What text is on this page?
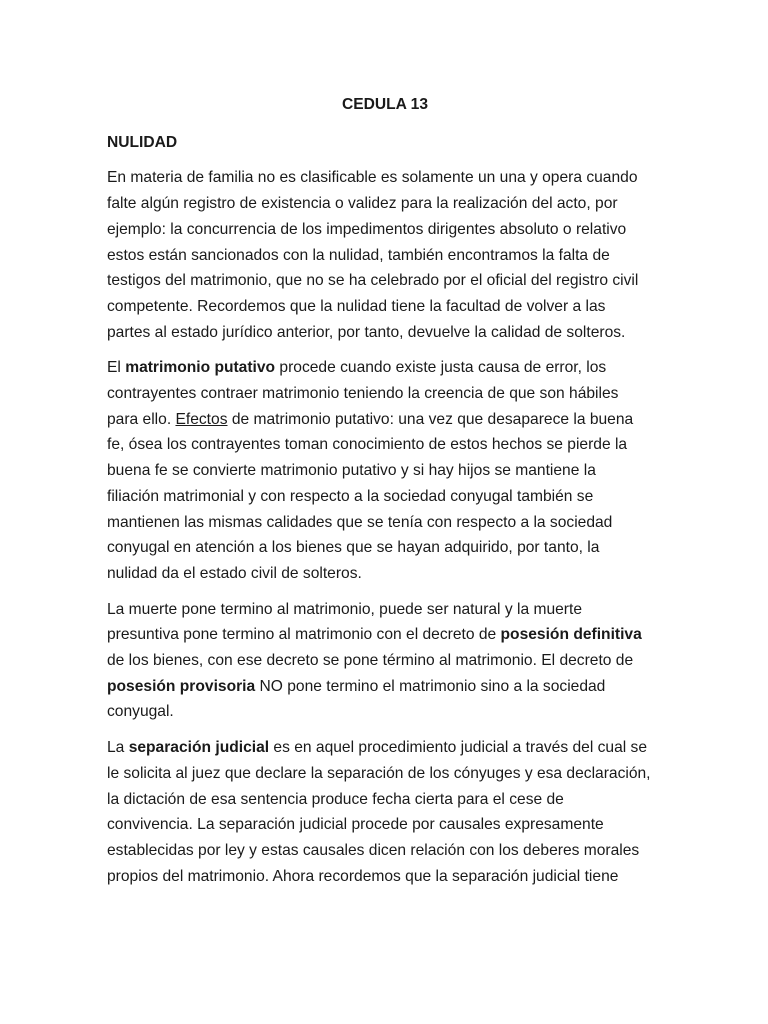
CEDULA 13
NULIDAD

En materia de familia no es clasificable es solamente un una y opera cuando
falte algún registro de existencia o validez para la realización del acto, por
ejemplo: la concurrencia de los impedimentos dirigentes absoluto o relativo
estos están sancionados con la nulidad, también encontramos la falta de
testigos del matrimonio, que no se ha celebrado por el oficial del registro civil
competente. Recordemos que la nulidad tiene la facultad de volver a las
partes al estado jurídico anterior, por tanto, devuelve la calidad de solteros.

El matrimonio putativo procede cuando existe justa causa de error, los
contrayentes contraer matrimonio teniendo la creencia de que son hábiles
para ello. Efectos de matrimonio putativo: una vez que desaparece la buena
fe, ósea los contrayentes toman conocimiento de estos hechos se pierde la
buena fe se convierte matrimonio putativo y si hay hijos se mantiene la
filiación matrimonial y con respecto a la sociedad conyugal también se
mantienen las mismas calidades que se tenía con respecto a la sociedad
conyugal en atención a los bienes que se hayan adquirido, por tanto, la
nulidad da el estado civil de solteros.

La muerte pone termino al matrimonio, puede ser natural y la muerte
presuntiva pone termino al matrimonio con el decreto de posesión definitiva
de los bienes, con ese decreto se pone término al matrimonio. El decreto de
posesión provisoria NO pone termino el matrimonio sino a la sociedad
conyugal.

La separación judicial es en aquel procedimiento judicial a través del cual se
le solicita al juez que declare la separación de los cónyuges y esa declaración,
la dictación de esa sentencia produce fecha cierta para el cese de
convivencia. La separación judicial procede por causales expresamente
establecidas por ley y estas causales dicen relación con los deberes morales
propios del matrimonio. Ahora recordemos que la separación judicial tiene
